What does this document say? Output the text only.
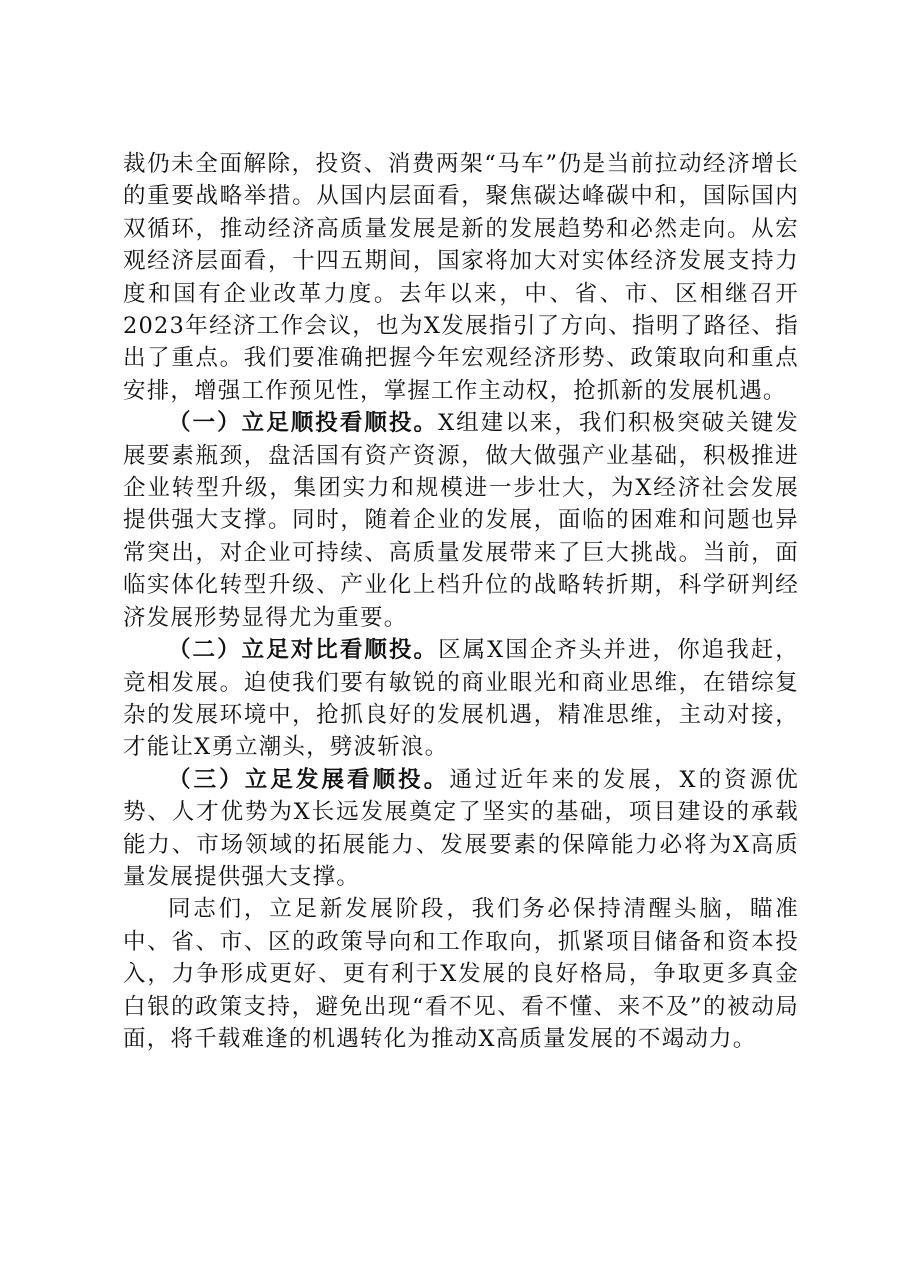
裁仍未全面解除，投资、消费两架“马车”仍是当前拉动经济增长的重要战略举措。从国内层面看，聚焦碳达峰碳中和，国际国内双循环，推动经济高质量发展是新的发展趋势和必然走向。从宏观经济层面看，十四五期间，国家将加大对实体经济发展支持力度和国有企业改革力度。去年以来，中、省、市、区相继召开2023年经济工作会议，也为X发展指引了方向、指明了路径、指出了重点。我们要准确把握今年宏观经济形势、政策取向和重点安排，增强工作预见性，掌握工作主动权，抢抓新的发展机遇。

（一）立足顺投看顺投。X组建以来，我们积极突破关键发展要素瓶颈，盘活国有资产资源，做大做强产业基础，积极推进企业转型升级，集团实力和规模进一步壮大，为X经济社会发展提供强大支撑。同时，随着企业的发展，面临的困难和问题也异常突出，对企业可持续、高质量发展带来了巨大挑战。当前，面临实体化转型升级、产业化上档升位的战略转折期，科学研判经济发展形势显得尤为重要。

（二）立足对比看顺投。区属X国企齐头并进，你追我赶，竞相发展。迫使我们要有敏锐的商业眼光和商业思维，在错综复杂的发展环境中，抢抓良好的发展机遇，精准思维，主动对接，才能让X勇立潮头，劈波斩浪。

（三）立足发展看顺投。通过近年来的发展，X的资源优势、人才优势为X长远发展奠定了坚实的基础，项目建设的承载能力、市场领域的拓展能力、发展要素的保障能力必将为X高质量发展提供强大支撑。

同志们，立足新发展阶段，我们务必保持清醒头脑，瞄准中、省、市、区的政策导向和工作取向，抓紧项目储备和资本投入，力争形成更好、更有利于X发展的良好格局，争取更多真金白银的政策支持，避免出现“看不见、看不懂、来不及”的被动局面，将千载难逢的机遇转化为推动X高质量发展的不竭动力。
